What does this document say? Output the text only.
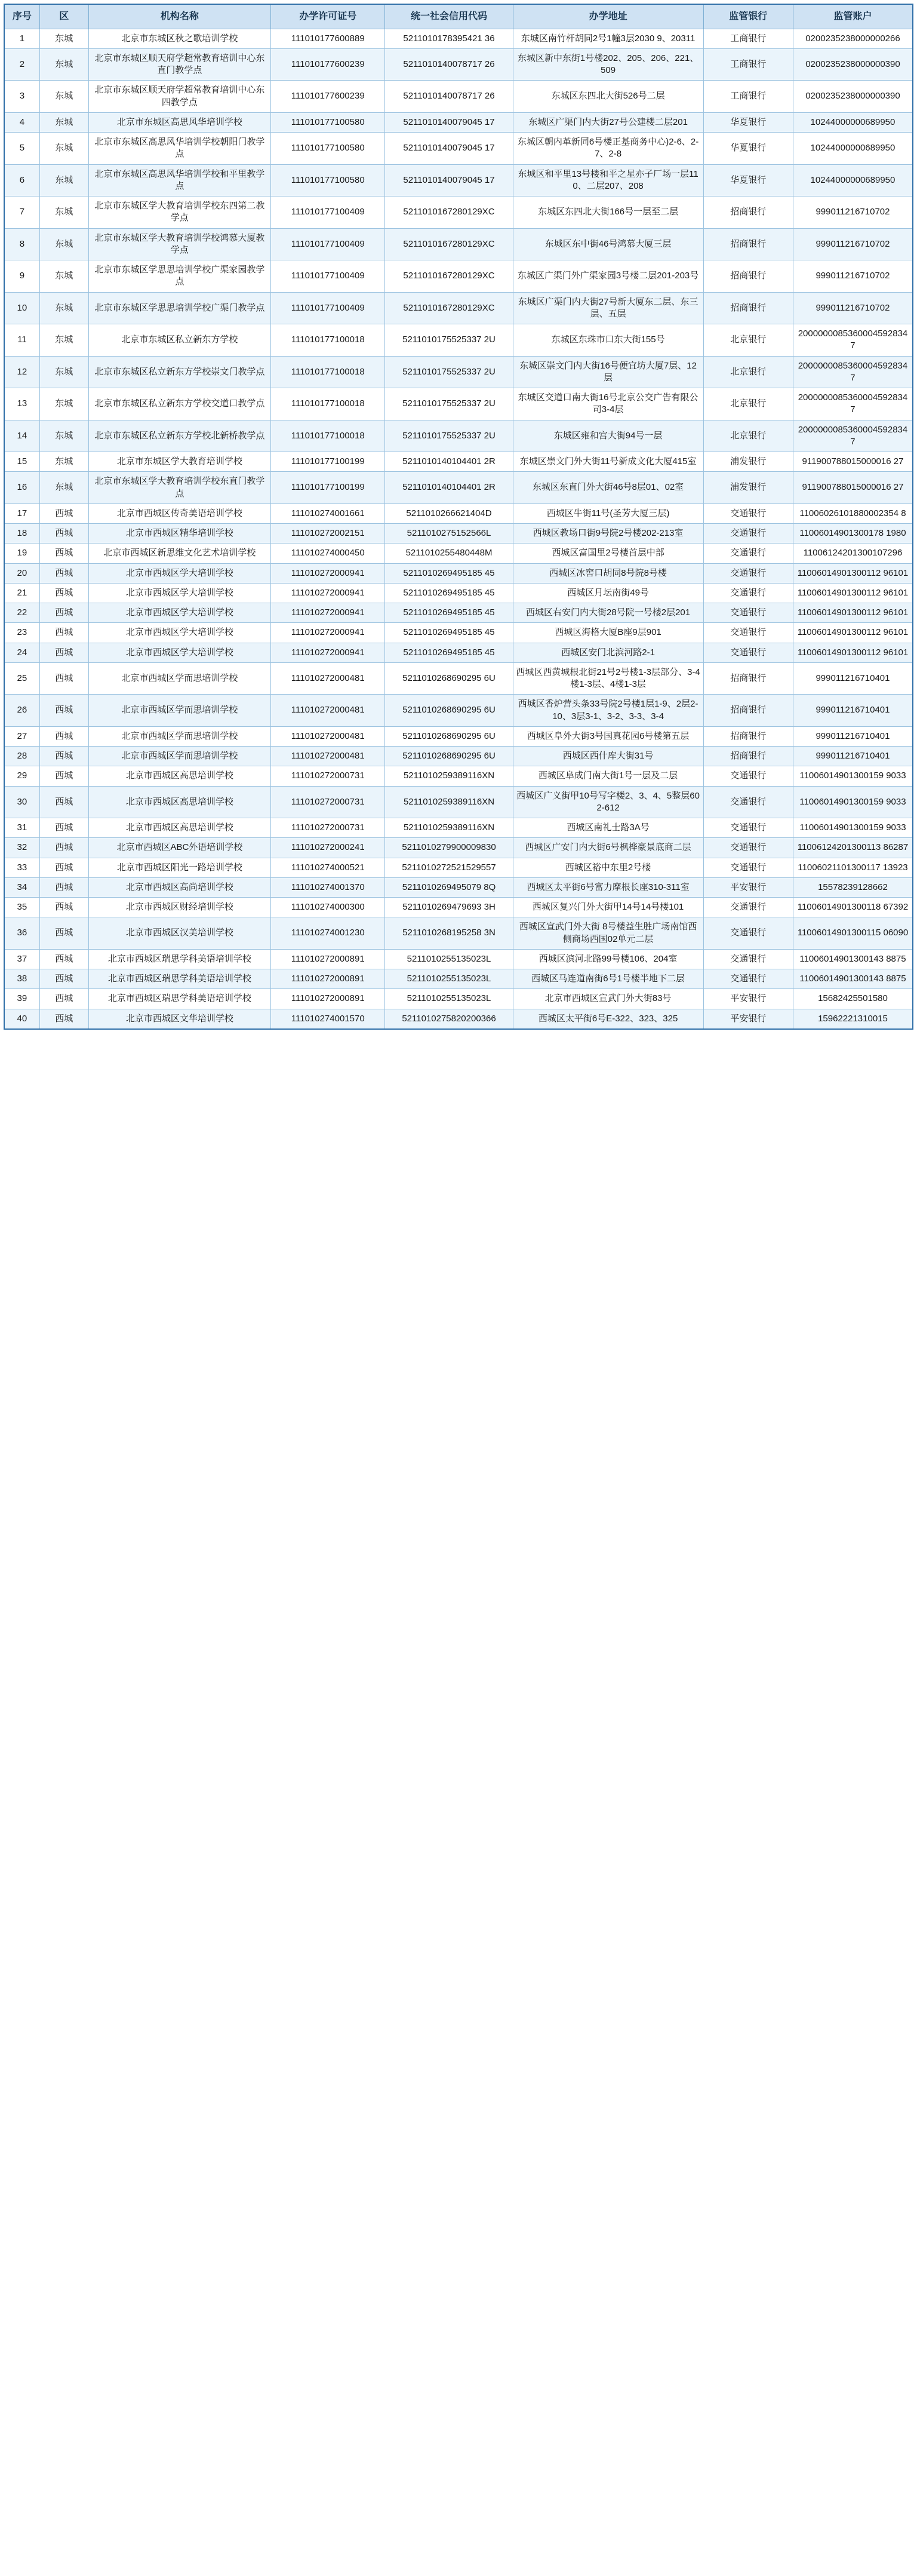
序号	区	机构名称	办学许可证号	统一社会信用代码	办学地址	监管银行	监管账户
1	东城	北京市东城区秋之歌培训学校	111010177600889	5211010178395421 36	东城区南竹杆胡同2号1幢3层2030 9、20311	工商银行	0200235238000000266
2	东城	北京市东城区顺天府学超常教育培训中心东直门教学点	111010177600239	5211010140078717 26	东城区新中东街1号楼202、205、206、221、509	工商银行	0200235238000000390
3	东城	北京市东城区顺天府学超常教育培训中心东四教学点	111010177600239	5211010140078717 26	东城区东四北大街526号二层	工商银行	0200235238000000390
4	东城	北京市东城区高思风华培训学校	111010177100580	5211010140079045 17	东城区广渠门内大街27号公建楼二层201	华夏银行	10244000000689950
5	东城	北京市东城区高思风华培训学校朝阳门教学点	111010177100580	5211010140079045 17	东城区朝内革新同6号楼正基商务中心)2-6、2-7、2-8	华夏银行	10244000000689950
6	东城	北京市东城区高思风华培训学校和平里教学点	111010177100580	5211010140079045 17	东城区和平里13号楼和平之星亦子厂场一层110、二层207、208	华夏银行	10244000000689950
7	东城	北京市东城区学大教育培训学校东四第二教学点	111010177100409	5211010167280129XC	东城区东四北大街166号一层至二层	招商银行	999011216710702
8	东城	北京市东城区学大教育培训学校鸿慕大厦教学点	111010177100409	5211010167280129XC	东城区东中街46号鸿慕大厦三层	招商银行	999011216710702
9	东城	北京市东城区学思思培训学校广渠家园教学点	111010177100409	5211010167280129XC	东城区广渠门外广渠家园3号楼二层201-203号	招商银行	999011216710702
10	东城	北京市东城区学思思培训学校广渠门教学点	111010177100409	5211010167280129XC	东城区广渠门内大街27号新大厦东二层、东三层、五层	招商银行	999011216710702
11	东城	北京市东城区私立新东方学校	111010177100018	5211010175525337 2U	东城区东珠市口东大街155号	北京银行	20000000853600045928347
12	东城	北京市东城区私立新东方学校崇文门教学点	111010177100018	5211010175525337 2U	东城区崇文门内大街16号便宜坊大厦7层、12层	北京银行	20000000853600045928347
13	东城	北京市东城区私立新东方学校交道口教学点	111010177100018	5211010175525337 2U	东城区交道口南大街16号北京公交广告有限公司3-4层	北京银行	20000000853600045928347
14	东城	北京市东城区私立新东方学校北新桥教学点	111010177100018	5211010175525337 2U	东城区雍和宫大街94号一层	北京银行	20000000853600045928347
15	东城	北京市东城区学大教育培训学校	111010177100199	5211010140104401 2R	东城区崇文门外大街11号新成文化大厦415室	浦发银行	911900788015000016 27
16	东城	北京市东城区学大教育培训学校东直门教学点	111010177100199	5211010140104401 2R	东城区东直门外大街46号8层01、02室	浦发银行	911900788015000016 27
17	西城	北京市西城区传奇美语培训学校	111010274001661	5211010266621404D	西城区牛街11号(圣芳大厦三层)	交通银行	11006026101880002354 8
18	西城	北京市西城区精华培训学校	111010272002151	5211010275152566L	西城区教场口街9号院2号楼202-213室	交通银行	11006014901300178 1980
19	西城	北京市西城区新思维文化艺术培训学校	111010274000450	5211010255480448M	西城区富国里2号楼首层中部	交通银行	11006124201300107296
20	西城	北京市西城区学大培训学校	111010272000941	5211010269495185 45	西城区冰窖口胡同8号院8号楼	交通银行	11006014901300112 96101
21	西城	北京市西城区学大培训学校	111010272000941	5211010269495185 45	西城区月坛南街49号	交通银行	11006014901300112 96101
22	西城	北京市西城区学大培训学校	111010272000941	5211010269495185 45	西城区右安门内大街28号院一号楼2层201	交通银行	11006014901300112 96101
23	西城	北京市西城区学大培训学校	111010272000941	5211010269495185 45	西城区海格大厦B座9层901	交通银行	11006014901300112 96101
24	西城	北京市西城区学大培训学校	111010272000941	5211010269495185 45	西城区安门北滨河路2-1	交通银行	11006014901300112 96101
25	西城	北京市西城区学而思培训学校	111010272000481	5211010268690295 6U	西城区西黄城根北街21号2号楼1-3层部分、3-4楼1-3层、4楼1-3层	招商银行	999011216710401
26	西城	北京市西城区学而思培训学校	111010272000481	5211010268690295 6U	西城区香炉营头条33号院2号楼1层1-9、2层2-10、3层3-1、3-2、3-3、3-4	招商银行	999011216710401
27	西城	北京市西城区学而思培训学校	111010272000481	5211010268690295 6U	西城区阜外大街3号国真花园6号楼第五层	招商银行	999011216710401
28	西城	北京市西城区学而思培训学校	111010272000481	5211010268690295 6U	西城区西什库大街31号	招商银行	999011216710401
29	西城	北京市西城区高思培训学校	111010272000731	5211010259389116XN	西城区阜成门南大街1号一层及二层	交通银行	11006014901300159 9033
30	西城	北京市西城区高思培训学校	111010272000731	5211010259389116XN	西城区广义街甲10号写字楼2、3、4、5整层602-612	交通银行	11006014901300159 9033
31	西城	北京市西城区高思培训学校	111010272000731	5211010259389116XN	西城区南礼士路3A号	交通银行	11006014901300159 9033
32	西城	北京市西城区ABC外语培训学校	111010272000241	5211010279900009830	西城区广安门内大街6号枫桦豪景底商二层	交通银行	11006124201300113 86287
33	西城	北京市西城区阳光一路培训学校	111010274000521	5211010272521529557	西城区裕中东里2号楼	交通银行	11006021101300117 13923
34	西城	北京市西城区高尚培训学校	111010274001370	5211010269495079 8Q	西城区太平街6号富力摩根长座310-311室	平安银行	15578239128662
35	西城	北京市西城区财经培训学校	111010274000300	5211010269479693 3H	西城区复兴门外大街甲14号14号楼101	交通银行	11006014901300118 67392
36	西城	北京市西城区汉美培训学校	111010274001230	5211010268195258 3N	西城区宣武门外大街 8号楼益生胜广场南馆西侧商场西国02单元二层	交通银行	11006014901300115 06090
37	西城	北京市西城区瑞思学科美语培训学校	111010272000891	5211010255135023L	西城区滨河北路99号楼106、204室	交通银行	11006014901300143 8875
38	西城	北京市西城区瑞思学科美语培训学校	111010272000891	5211010255135023L	西城区马连道南街6号1号楼半地下二层	交通银行	11006014901300143 8875
39	西城	北京市西城区瑞思学科美语培训学校	111010272000891	5211010255135023L	北京市西城区宣武门外大街83号	平安银行	15682425501580
40	西城	北京市西城区文华培训学校	111010274001570	5211010275820200366	西城区太平街6号E-322、323、325	平安银行	15962221310015
